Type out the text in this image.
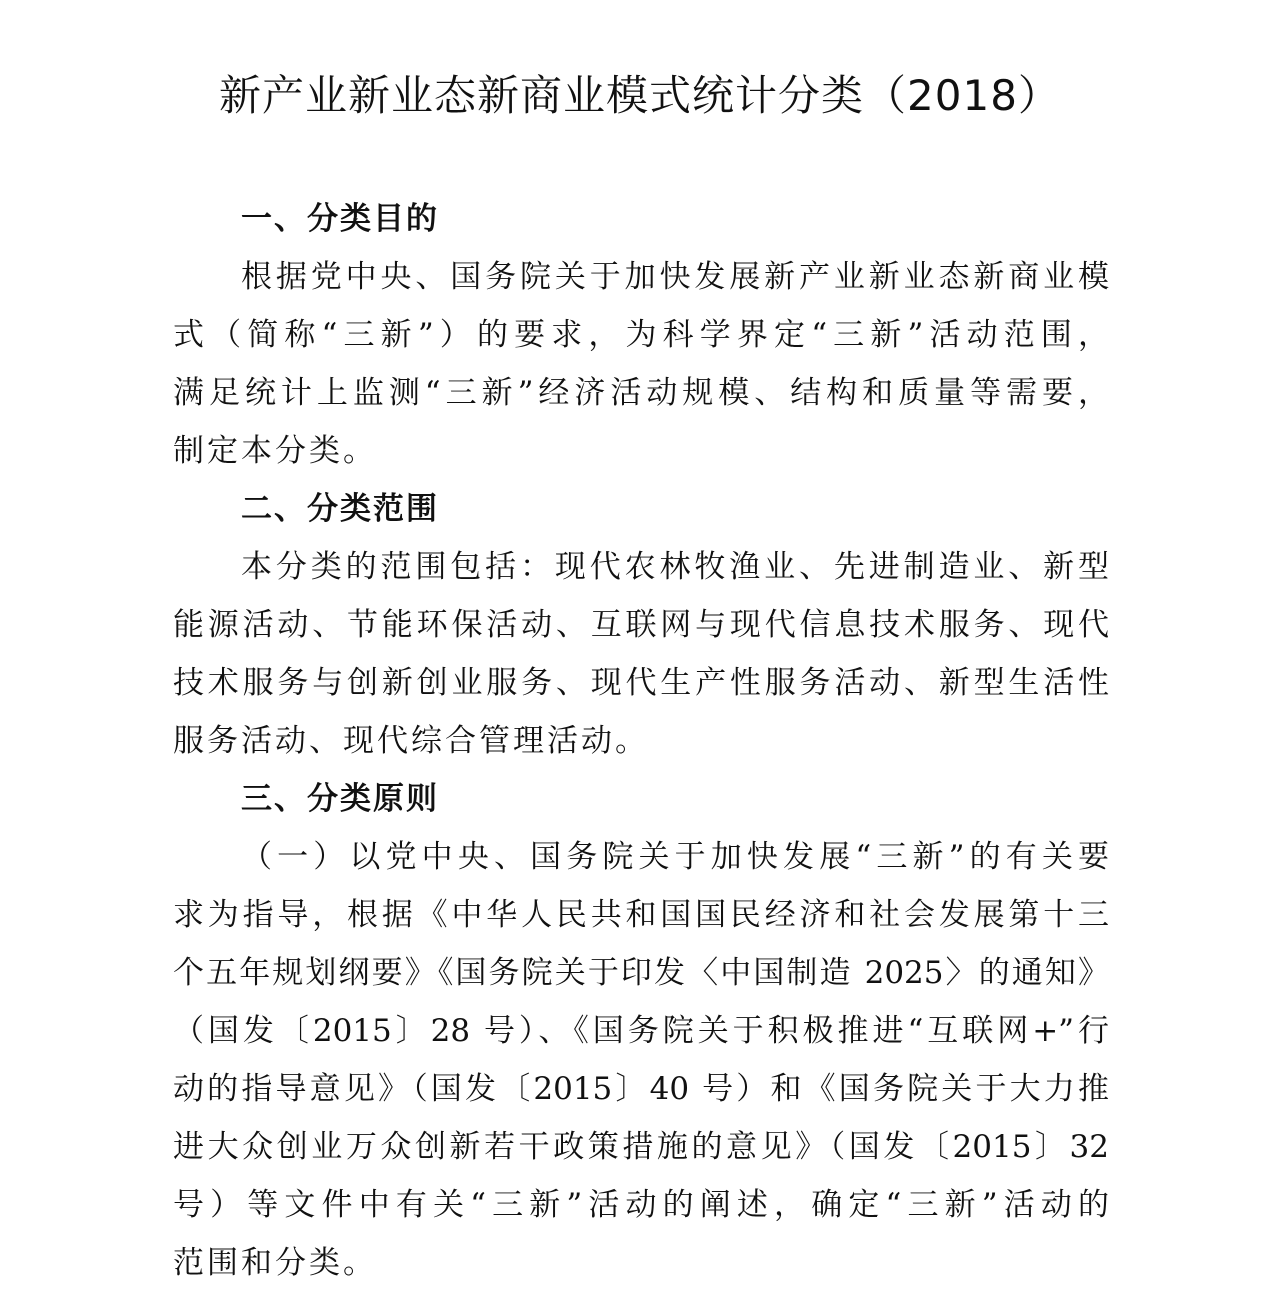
新产业新业态新商业模式统计分类（2018）
一、分类目的

根据党中央、国务院关于加快发展新产业新业态新商业模
式（简称“三新”）的要求，为科学界定“三新”活动范围，
满足统计上监测“三新”经济活动规模、结构和质量等需要，
制定本分类。

二、分类范围

本分类的范围包括：现代农林牧渔业、先进制造业、新型
能源活动、节能环保活动、互联网与现代信息技术服务、现代
技术服务与创新创业服务、现代生产性服务活动、新型生活性
服务活动、现代综合管理活动。

三、分类原则

（一）以党中央、国务院关于加快发展“三新”的有关要
求为指导，根据《中华人民共和国国民经济和社会发展第十三
个五年规划纲要》《国务院关于印发〈中国制造 2025〉的通知》
（国发〔2015〕28 号）、《国务院关于积极推进“互联网+”行
动的指导意见》（国发〔2015〕40 号）和《国务院关于大力推
进大众创业万众创新若干政策措施的意见》（国发〔2015〕32
号）等文件中有关“三新”活动的阐述，确定“三新”活动的
范围和分类。
